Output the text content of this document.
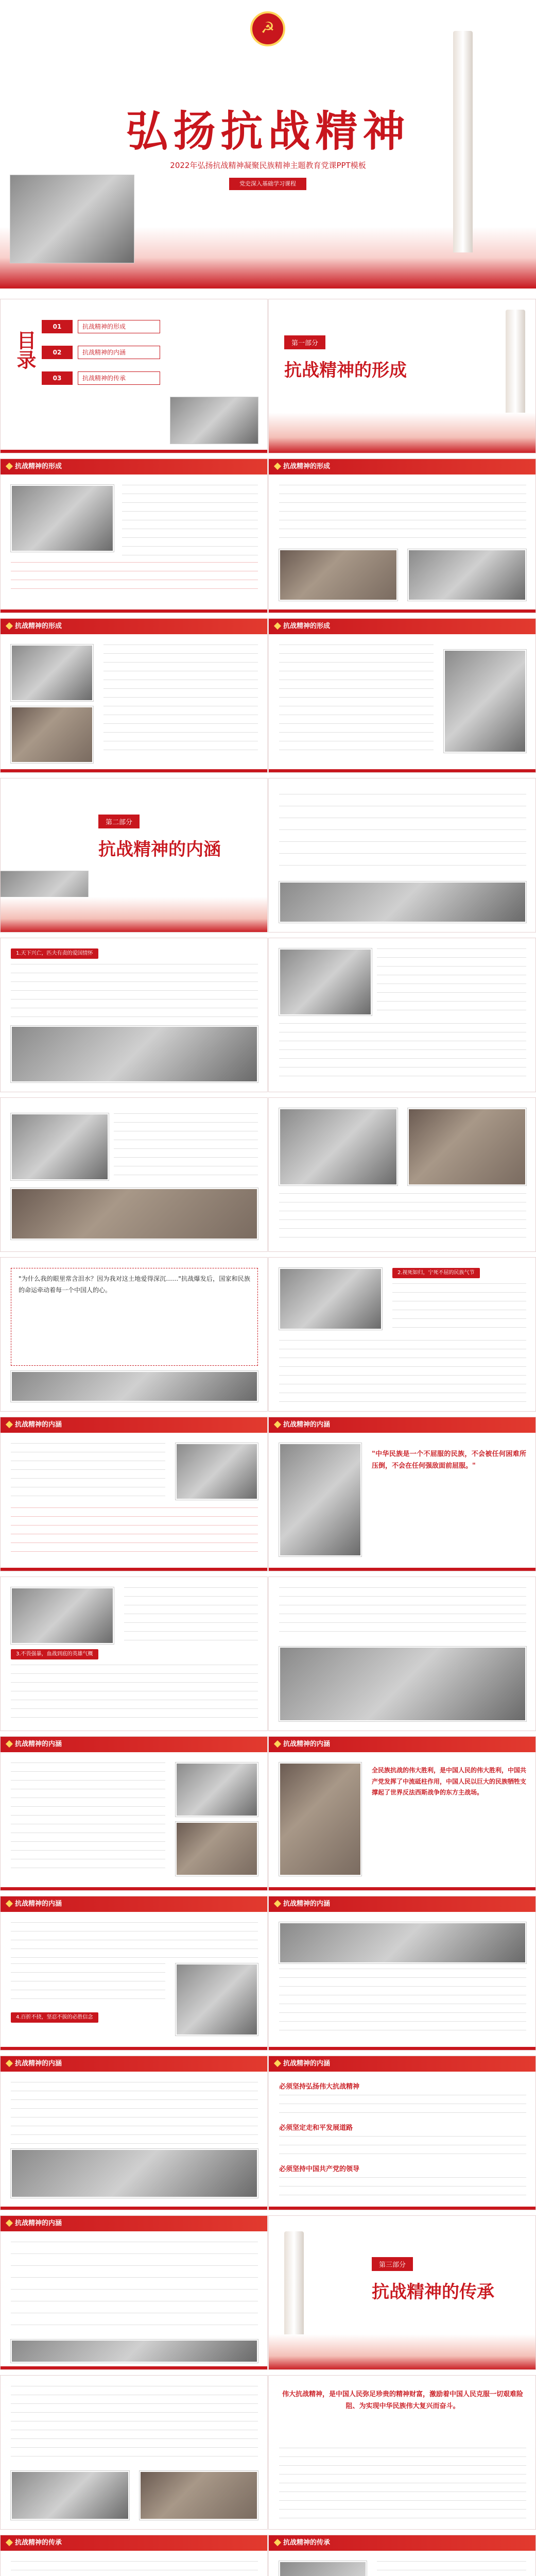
☭
弘扬抗战精神
2022年弘扬抗战精神凝聚民族精神主题教育党课PPT模板
党史深入基础学习课程
目录
01	抗战精神的形成
02	抗战精神的内涵
03	抗战精神的传承
第一部分
抗战精神的形成
抗战精神的形成	抗战精神的形成
抗战精神的形成	抗战精神的形成
第二部分
抗战精神的内涵
1.天下兴亡，匹夫有责的爱国情怀
"为什么我的眼里常含泪水？因为我对这土地爱得深沉……"抗战爆发后，国家和民族的命运牵动着每一个中国人的心。
2.视死如归，宁死不屈的民族气节
抗战精神的内涵	抗战精神的内涵
"中华民族是一个不屈服的民族，不会被任何困难所压倒，不会在任何强敌面前屈服。"
3.不畏强暴，血战到底的英雄气概
抗战精神的内涵	抗战精神的内涵
全民族抗战的伟大胜利，是中国人民的伟大胜利，中国共产党发挥了中流砥柱作用，中国人民以巨大的民族牺牲支撑起了世界反法西斯战争的东方主战场。
抗战精神的内涵
4.百折不挠，坚忍不拔的必胜信念
抗战精神的内涵
抗战精神的内涵	抗战精神的内涵
必须坚持弘扬伟大抗战精神
必须坚定走和平发展道路
必须坚持中国共产党的领导
抗战精神的内涵
第三部分
抗战精神的传承
伟大抗战精神，是中国人民弥足珍贵的精神财富，激励着中国人民克服一切艰难险阻、为实现中华民族伟大复兴而奋斗。
抗战精神的传承	抗战精神的传承
